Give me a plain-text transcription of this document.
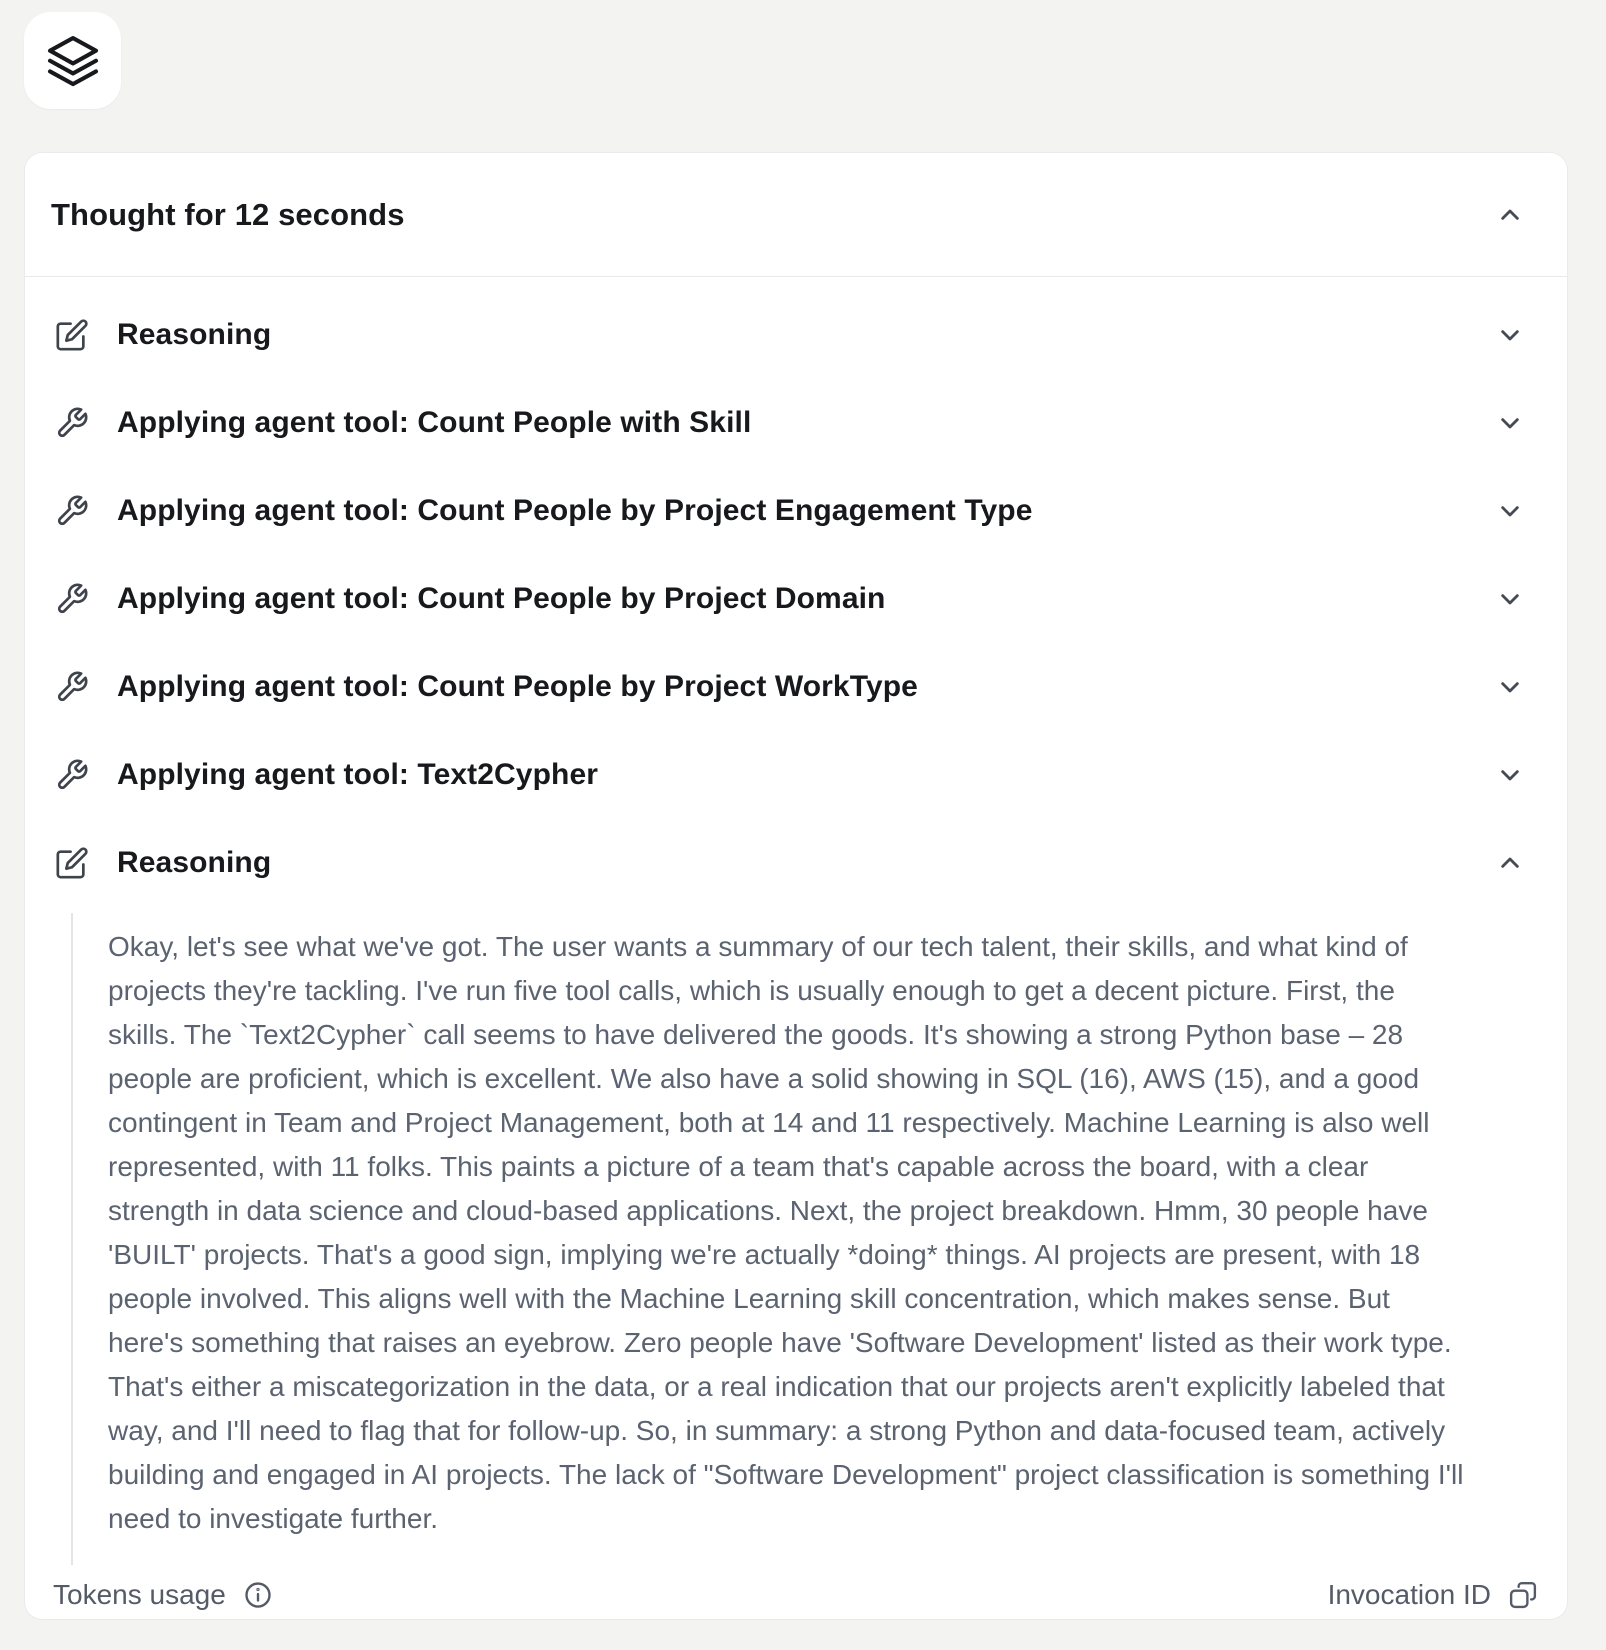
Thought for 12 seconds
Reasoning
Applying agent tool: Count People with Skill
Applying agent tool: Count People by Project Engagement Type
Applying agent tool: Count People by Project Domain
Applying agent tool: Count People by Project WorkType
Applying agent tool: Text2Cypher
Reasoning

Okay, let's see what we've got. The user wants a summary of our tech talent, their skills, and what kind of projects they're tackling. I've run five tool calls, which is usually enough to get a decent picture. First, the skills. The `Text2Cypher` call seems to have delivered the goods. It's showing a strong Python base – 28 people are proficient, which is excellent. We also have a solid showing in SQL (16), AWS (15), and a good contingent in Team and Project Management, both at 14 and 11 respectively. Machine Learning is also well represented, with 11 folks. This paints a picture of a team that's capable across the board, with a clear strength in data science and cloud-based applications. Next, the project breakdown. Hmm, 30 people have 'BUILT' projects. That's a good sign, implying we're actually *doing* things. AI projects are present, with 18 people involved. This aligns well with the Machine Learning skill concentration, which makes sense. But here's something that raises an eyebrow. Zero people have 'Software Development' listed as their work type. That's either a miscategorization in the data, or a real indication that our projects aren't explicitly labeled that way, and I'll need to flag that for follow-up. So, in summary: a strong Python and data-focused team, actively building and engaged in AI projects. The lack of "Software Development" project classification is something I'll need to investigate further.

Tokens usage	Invocation ID
